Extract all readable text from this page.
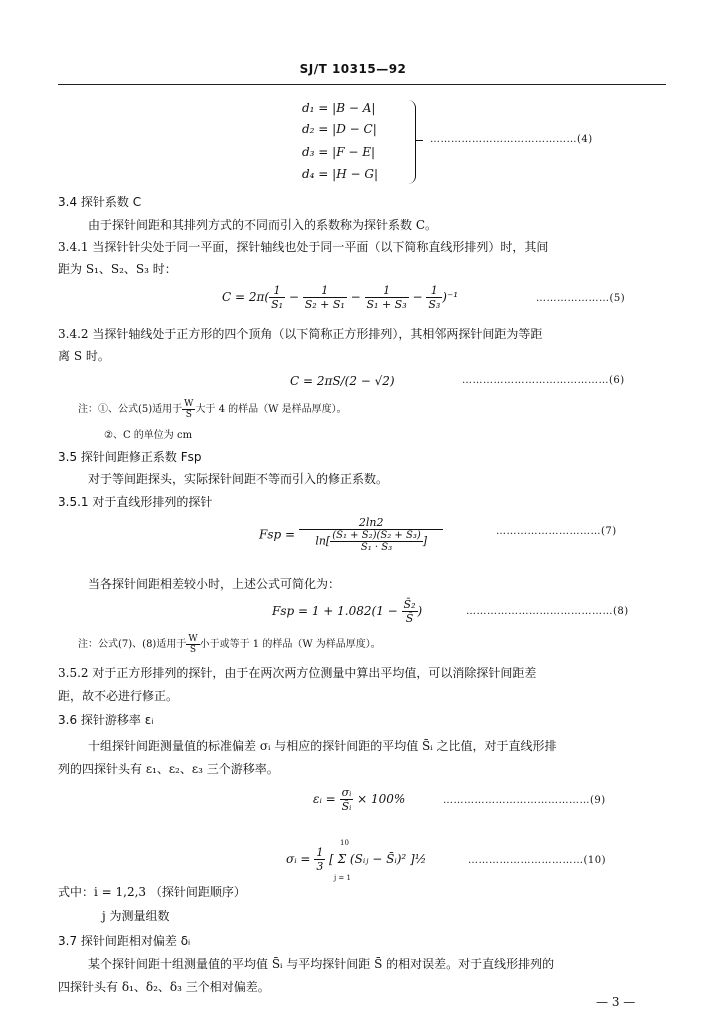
SJ/T 10315—92
d₁ = |B − A|
d₂ = |D − C|
d₃ = |F − E|
d₄ = |H − G|
……………………………………(4)
3.4 探针系数 C
由于探针间距和其排列方式的不同而引入的系数称为探针系数 C。
3.4.1 当探针针尖处于同一平面，探针轴线也处于同一平面（以下简称直线形排列）时，其间
距为 S₁、S₂、S₃ 时：
$C = 2\pi( \frac{1}{\text{S₁}} - \frac{1}{\text{S₂ + S₁}} - \frac{1}{\text{S₁ + S₃}} - \frac{1}{\text{S₃}} )^{-1}$	…………………(5)
3.4.2 当探针轴线处于正方形的四个顶角（以下简称正方形排列），其相邻两探针间距为等距
离 S 时。
C = 2πS/(2 − √2)	……………………………………(6)
注：①、公式(5)适用于 $\frac{W}{S}$ 大于 4 的样品（W 是样品厚度）。
②、C 的单位为 cm
3.5 探针间距修正系数 Fsp
对于等间距探头，实际探针间距不等而引入的修正系数。
3.5.1 对于直线形排列的探针
Fsp = $\frac{2\ln 2}{\ln[ \frac{\text{(S₁ + S₂)(S₂ + S₃)}}{\text{S₁ · S₃}} ]}$	…………………………(7)
当各探针间距相差较小时，上述公式可简化为：
Fsp = $1 + 1.082(1 - \frac{\text{S̄₂}}{S̄}$ )	……………………………………(8)
注：公式(7)、(8)适用于 $\frac{W}{S}$ 小于或等于 1 的样品（W 为样品厚度）。
3.5.2 对于正方形排列的探针，由于在两次两方位测量中算出平均值，可以消除探针间距差
距，故不必进行修正。
3.6 探针游移率 εᵢ
十组探针间距测量值的标准偏差 σᵢ 与相应的探针间距的平均值 S̄ᵢ 之比值，对于直线形排
列的四探针头有 ε₁、ε₂、ε₃ 三个游移率。
εᵢ = $\frac{\text{σᵢ}}{\text{S̄ᵢ}} \times 100\%$	……………………………………(9)
σᵢ = $\frac{1}{3}$ [ Σ (Sᵢⱼ − S̄ᵢ)² ]½
10
j = 1
……………………………(10)
式中：i = 1,2,3 （探针间距顺序）
j 为测量组数
3.7 探针间距相对偏差 δᵢ
某个探针间距十组测量值的平均值 S̄ᵢ 与平均探针间距 S̄ 的相对误差。对于直线形排列的
四探针头有 δ₁、δ₂、δ₃ 三个相对偏差。
— 3 —
